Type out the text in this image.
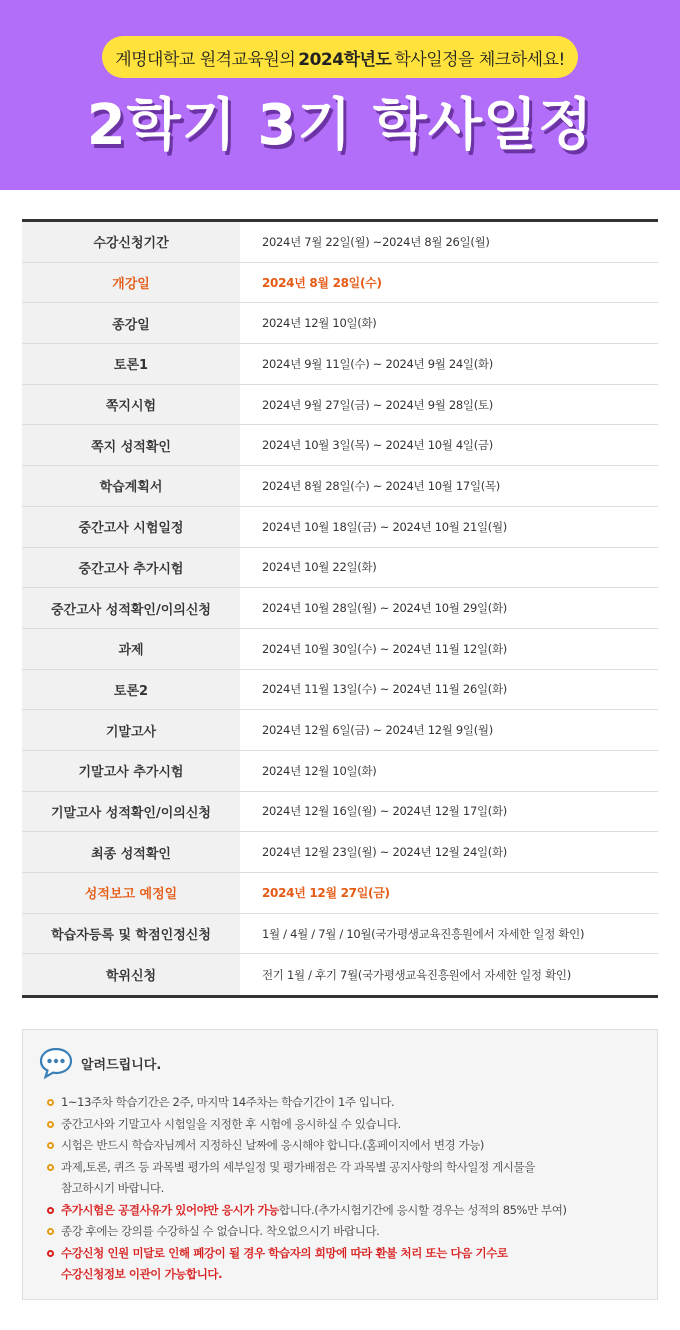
계명대학교 원격교육원의 2024학년도 학사일정을 체크하세요!
2학기 3기 학사일정
수강신청기간	2024년 7월 22일(월) ~2024년 8월 26일(월)
개강일	2024년 8월 28일(수)
종강일	2024년 12월 10일(화)
토론1	2024년 9월 11일(수) ~ 2024년 9월 24일(화)
쪽지시험	2024년 9월 27일(금) ~ 2024년 9월 28일(토)
쪽지 성적확인	2024년 10월 3일(목) ~ 2024년 10월 4일(금)
학습계획서	2024년 8월 28일(수) ~ 2024년 10월 17일(목)
중간고사 시험일정	2024년 10월 18일(금) ~ 2024년 10월 21일(월)
중간고사 추가시험	2024년 10월 22일(화)
중간고사 성적확인/이의신청	2024년 10월 28일(월) ~ 2024년 10월 29일(화)
과제	2024년 10월 30일(수) ~ 2024년 11월 12일(화)
토론2	2024년 11월 13일(수) ~ 2024년 11월 26일(화)
기말고사	2024년 12월 6일(금) ~ 2024년 12월 9일(월)
기말고사 추가시험	2024년 12월 10일(화)
기말고사 성적확인/이의신청	2024년 12월 16일(월) ~ 2024년 12월 17일(화)
최종 성적확인	2024년 12월 23일(월) ~ 2024년 12월 24일(화)
성적보고 예정일	2024년 12월 27일(금)
학습자등록 및 학점인정신청	1월 / 4월 / 7월 / 10월(국가평생교육진흥원에서 자세한 일정 확인)
학위신청	전기 1월 / 후기 7월(국가평생교육진흥원에서 자세한 일정 확인)
알려드립니다.
1~13주차 학습기간은 2주, 마지막 14주차는 학습기간이 1주 입니다.
중간고사와 기말고사 시험일을 지정한 후 시험에 응시하실 수 있습니다.
시험은 반드시 학습자님께서 지정하신 날짜에 응시해야 합니다.(홈페이지에서 변경 가능)
과제,토론, 퀴즈 등 과목별 평가의 세부일정 및 평가배점은 각 과목별 공지사항의 학사일정 게시물을
참고하시기 바랍니다.
추가시험은 공결사유가 있어야만 응시가 가능합니다.(추가시험기간에 응시할 경우는 성적의 85%만 부여)
종강 후에는 강의를 수강하실 수 없습니다. 착오없으시기 바랍니다.
수강신청 인원 미달로 인해 폐강이 될 경우 학습자의 희망에 따라 환불 처리 또는 다음 기수로
수강신청정보 이관이 가능합니다.
